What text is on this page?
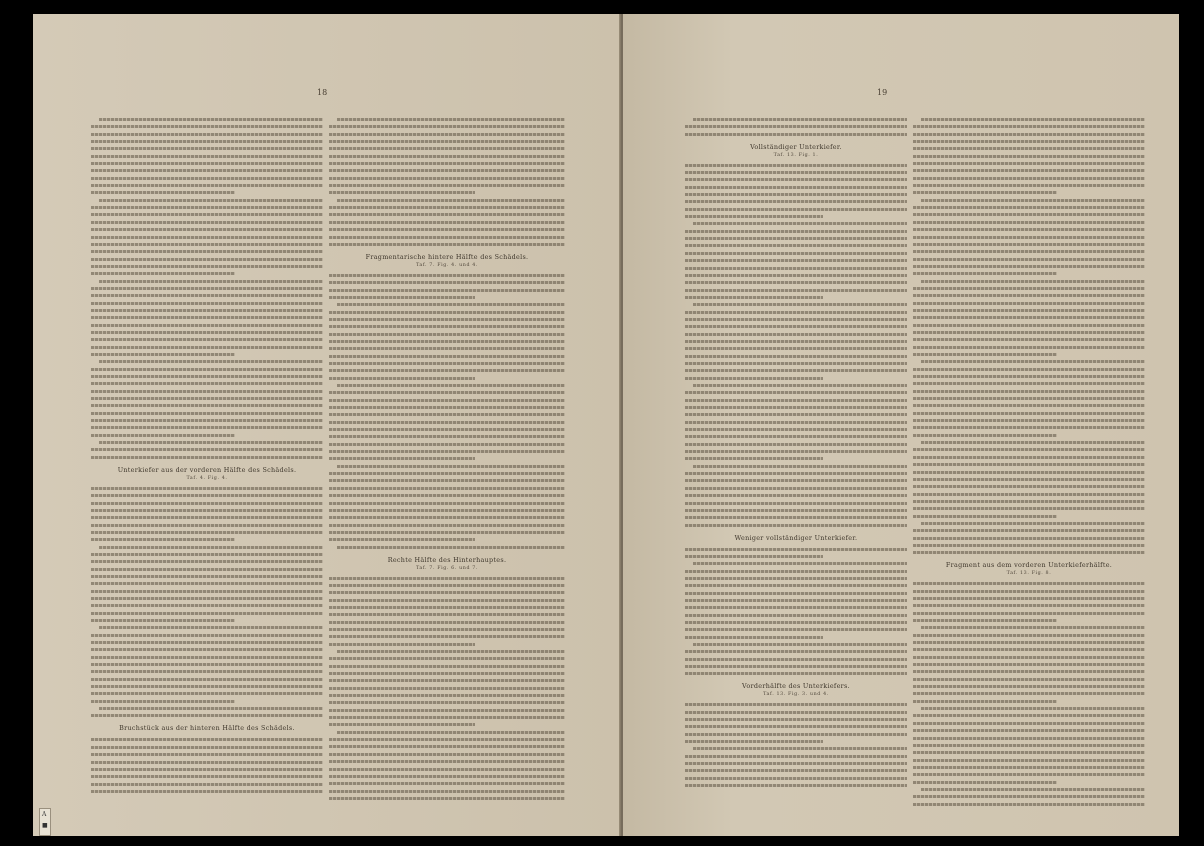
18
Unterkiefer aus der vorderen Hälfte des Schädels.
Taf. 4. Fig. 4.
Bruchstück aus der hinteren Hälfte des Schädels.
Fragmentarische hintere Hälfte des Schädels.
Taf. 7. Fig. 4. und 4.
Rechte Hälfte des Hinterhauptes.
Taf. 7. Fig. 6. und 7.
A
■
19
Vollständiger Unterkiefer.
Taf. 13. Fig. 1.
Weniger vollständiger Unterkiefer.
Vorderhälfte des Unterkiefers.
Taf. 13. Fig. 3. und 4.
Fragment aus dem vorderen Unterkieferhälfte.
Taf. 13. Fig. 8.
